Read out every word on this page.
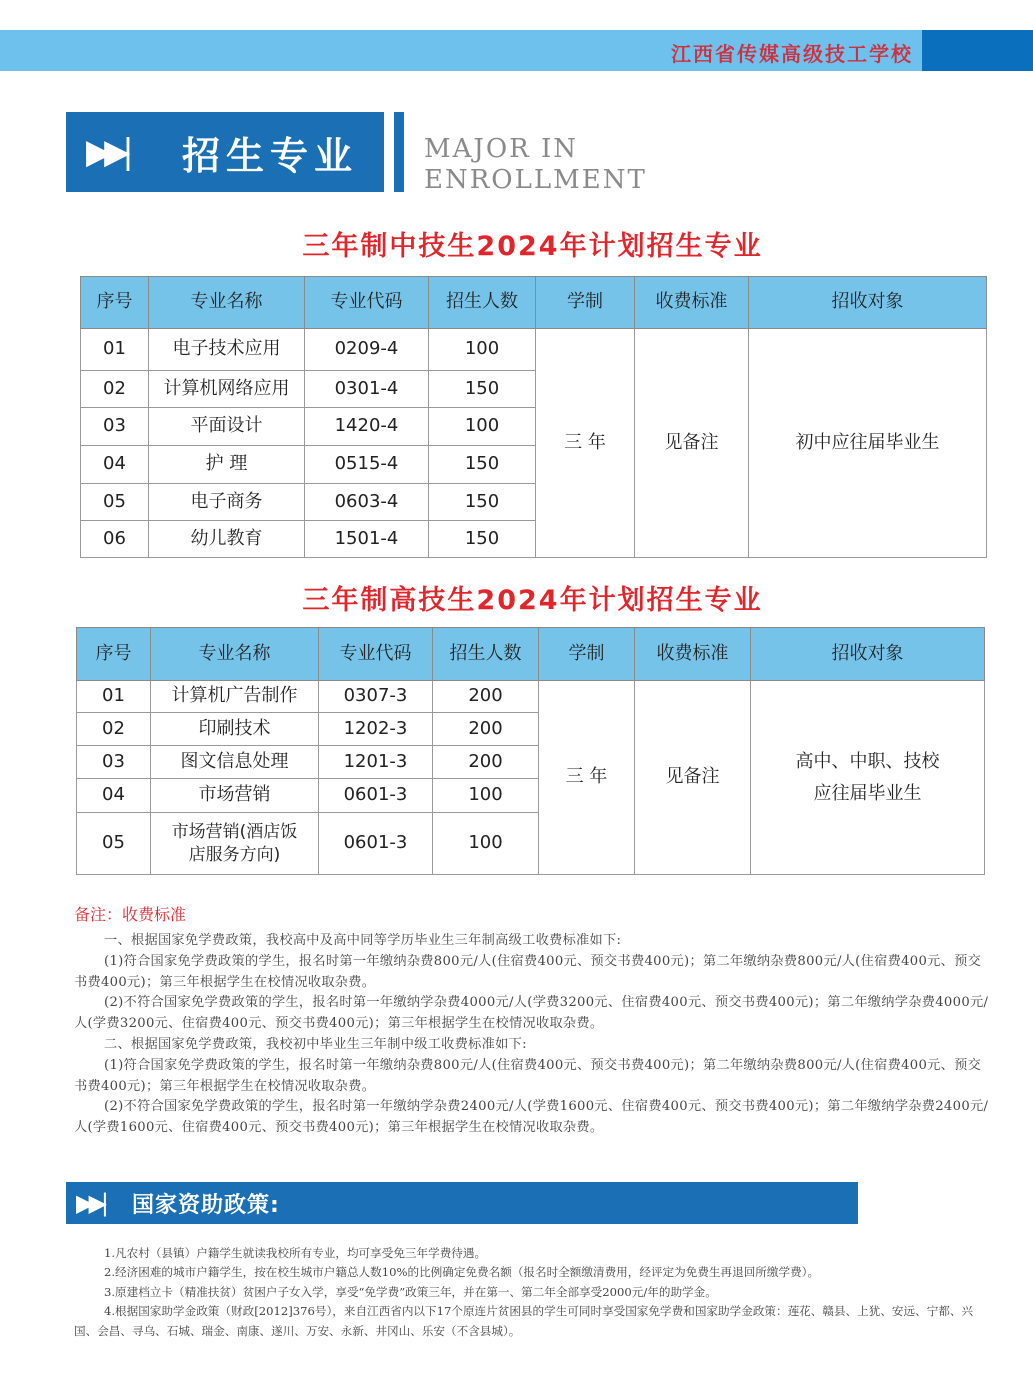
江西省传媒高级技工学校
▶▶|	招生专业	MAJOR IN
ENROLLMENT
三年制中技生2024年计划招生专业
序号	专业名称	专业代码	招生人数	学制	收费标准	招收对象
01	电子技术应用	0209-4	100	三 年	见备注	初中应往届毕业生

02	计算机网络应用	0301-4	150			
03	平面设计	1420-4	100			
04	护 理	0515-4	150			
05	电子商务	0603-4	150			
06	幼儿教育	1501-4	150			
三年制高技生2024年计划招生专业
序号	专业名称	专业代码	招生人数	学制	收费标准	招收对象
01	计算机广告制作	0307-3	200	三 年	见备注	高中、中职、技校
应往届毕业生

02	印刷技术	1202-3	200			
03	图文信息处理	1201-3	200			
04	市场营销	0601-3	100			
05	市场营销(酒店饭店服务方向)	0601-3	100			
备注：收费标准

一、根据国家免学费政策，我校高中及高中同等学历毕业生三年制高级工收费标准如下:

(1)符合国家免学费政策的学生，报名时第一年缴纳杂费800元/人(住宿费400元、预交书费400元)；第二年缴纳杂费800元/人(住宿费400元、预交书费400元)；第三年根据学生在校情况收取杂费。

(2)不符合国家免学费政策的学生，报名时第一年缴纳学杂费4000元/人(学费3200元、住宿费400元、预交书费400元)；第二年缴纳学杂费4000元/人(学费3200元、住宿费400元、预交书费400元)；第三年根据学生在校情况收取杂费。

二、根据国家免学费政策，我校初中毕业生三年制中级工收费标准如下:

(1)符合国家免学费政策的学生，报名时第一年缴纳杂费800元/人(住宿费400元、预交书费400元)；第二年缴纳杂费800元/人(住宿费400元、预交书费400元)；第三年根据学生在校情况收取杂费。

(2)不符合国家免学费政策的学生，报名时第一年缴纳学杂费2400元/人(学费1600元、住宿费400元、预交书费400元)；第二年缴纳学杂费2400元/人(学费1600元、住宿费400元、预交书费400元)；第三年根据学生在校情况收取杂费。

▶▶|	国家资助政策:

1.凡农村（县镇）户籍学生就读我校所有专业，均可享受免三年学费待遇。

2.经济困难的城市户籍学生，按在校生城市户籍总人数10%的比例确定免费名额（报名时全额缴清费用，经评定为免费生再退回所缴学费）。

3.原建档立卡（精准扶贫）贫困户子女入学，享受“免学费”政策三年，并在第一、第二年全部享受2000元/年的助学金。

4.根据国家助学金政策（财政[2012]376号），来自江西省内以下17个原连片贫困县的学生可同时享受国家免学费和国家助学金政策：莲花、赣县、上犹、安远、宁都、兴国、会昌、寻乌、石城、瑞金、南康、遂川、万安、永新、井冈山、乐安（不含县城）。
